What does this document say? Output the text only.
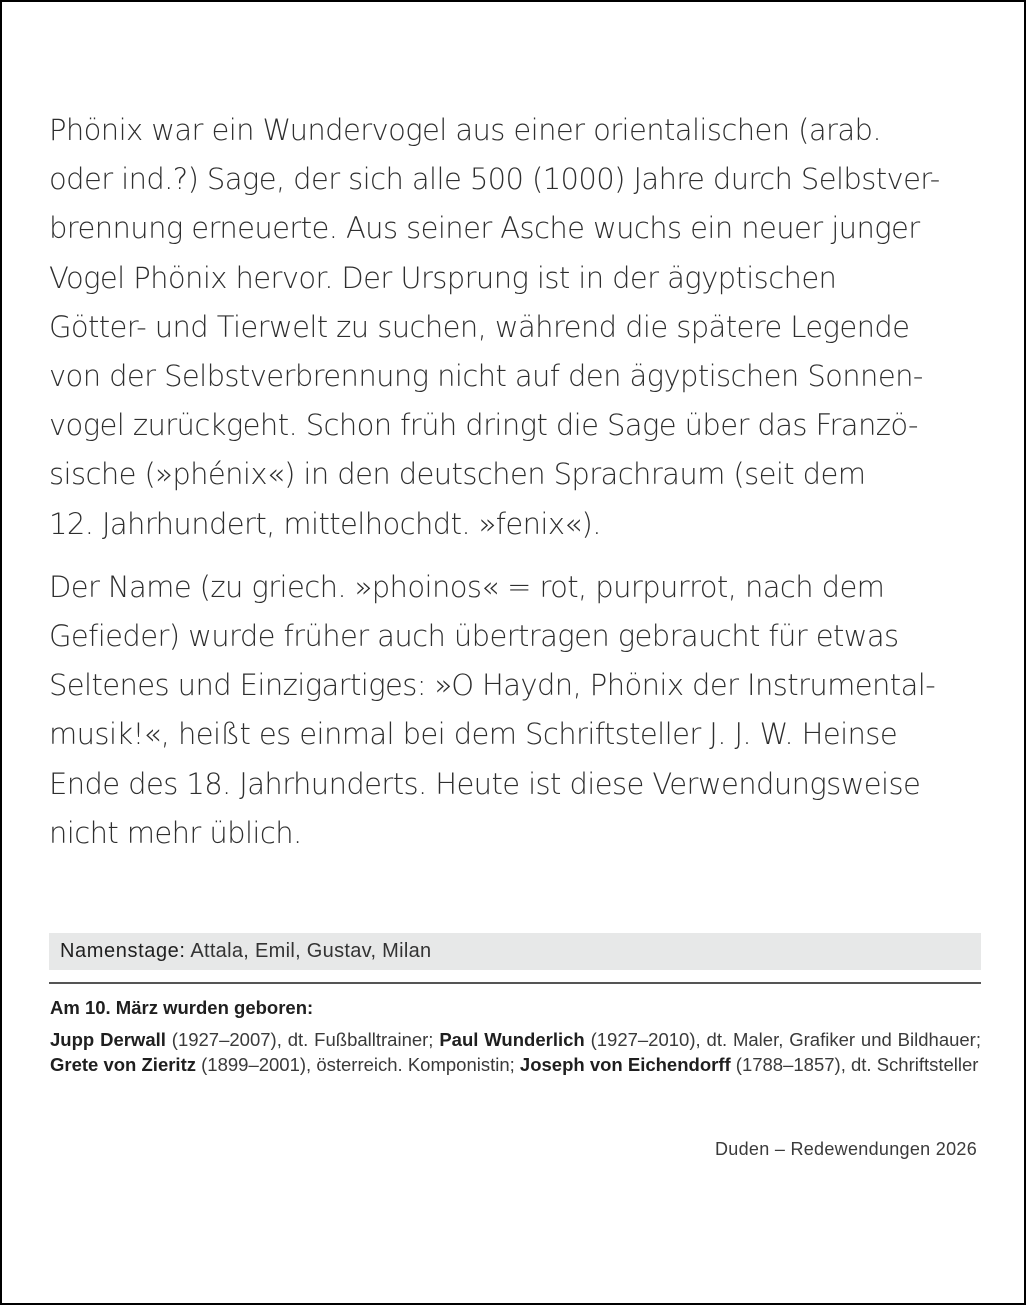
Phönix war ein Wundervogel aus einer orientalischen (arab.
oder ind.?) Sage, der sich alle 500 (1000) Jahre durch Selbstver-
brennung erneuerte. Aus seiner Asche wuchs ein neuer junger
Vogel Phönix hervor. Der Ursprung ist in der ägyptischen
Götter- und Tierwelt zu suchen, während die spätere Legende
von der Selbstverbrennung nicht auf den ägyptischen Sonnen-
vogel zurückgeht. Schon früh dringt die Sage über das Franzö-
sische (»phénix«) in den deutschen Sprachraum (seit dem
12. Jahrhundert, mittelhochdt. »fenix«).

Der Name (zu griech. »phoinos« = rot, purpurrot, nach dem
Gefieder) wurde früher auch übertragen gebraucht für etwas
Seltenes und Einzigartiges: »O Haydn, Phönix der Instrumental-
musik!«, heißt es einmal bei dem Schriftsteller J. J. W. Heinse
Ende des 18. Jahrhunderts. Heute ist diese Verwendungsweise
nicht mehr üblich.

Namenstage: Attala, Emil, Gustav, Milan

Am 10. März wurden geboren:

Jupp Derwall (1927–2007), dt. Fußballtrainer; Paul Wunderlich (1927–2010), dt. Maler, Grafiker und Bildhauer; Grete von Zieritz (1899–2001), österreich. Komponistin; Joseph von Eichendorff (1788–1857), dt. Schriftsteller

Duden – Redewendungen 2026
